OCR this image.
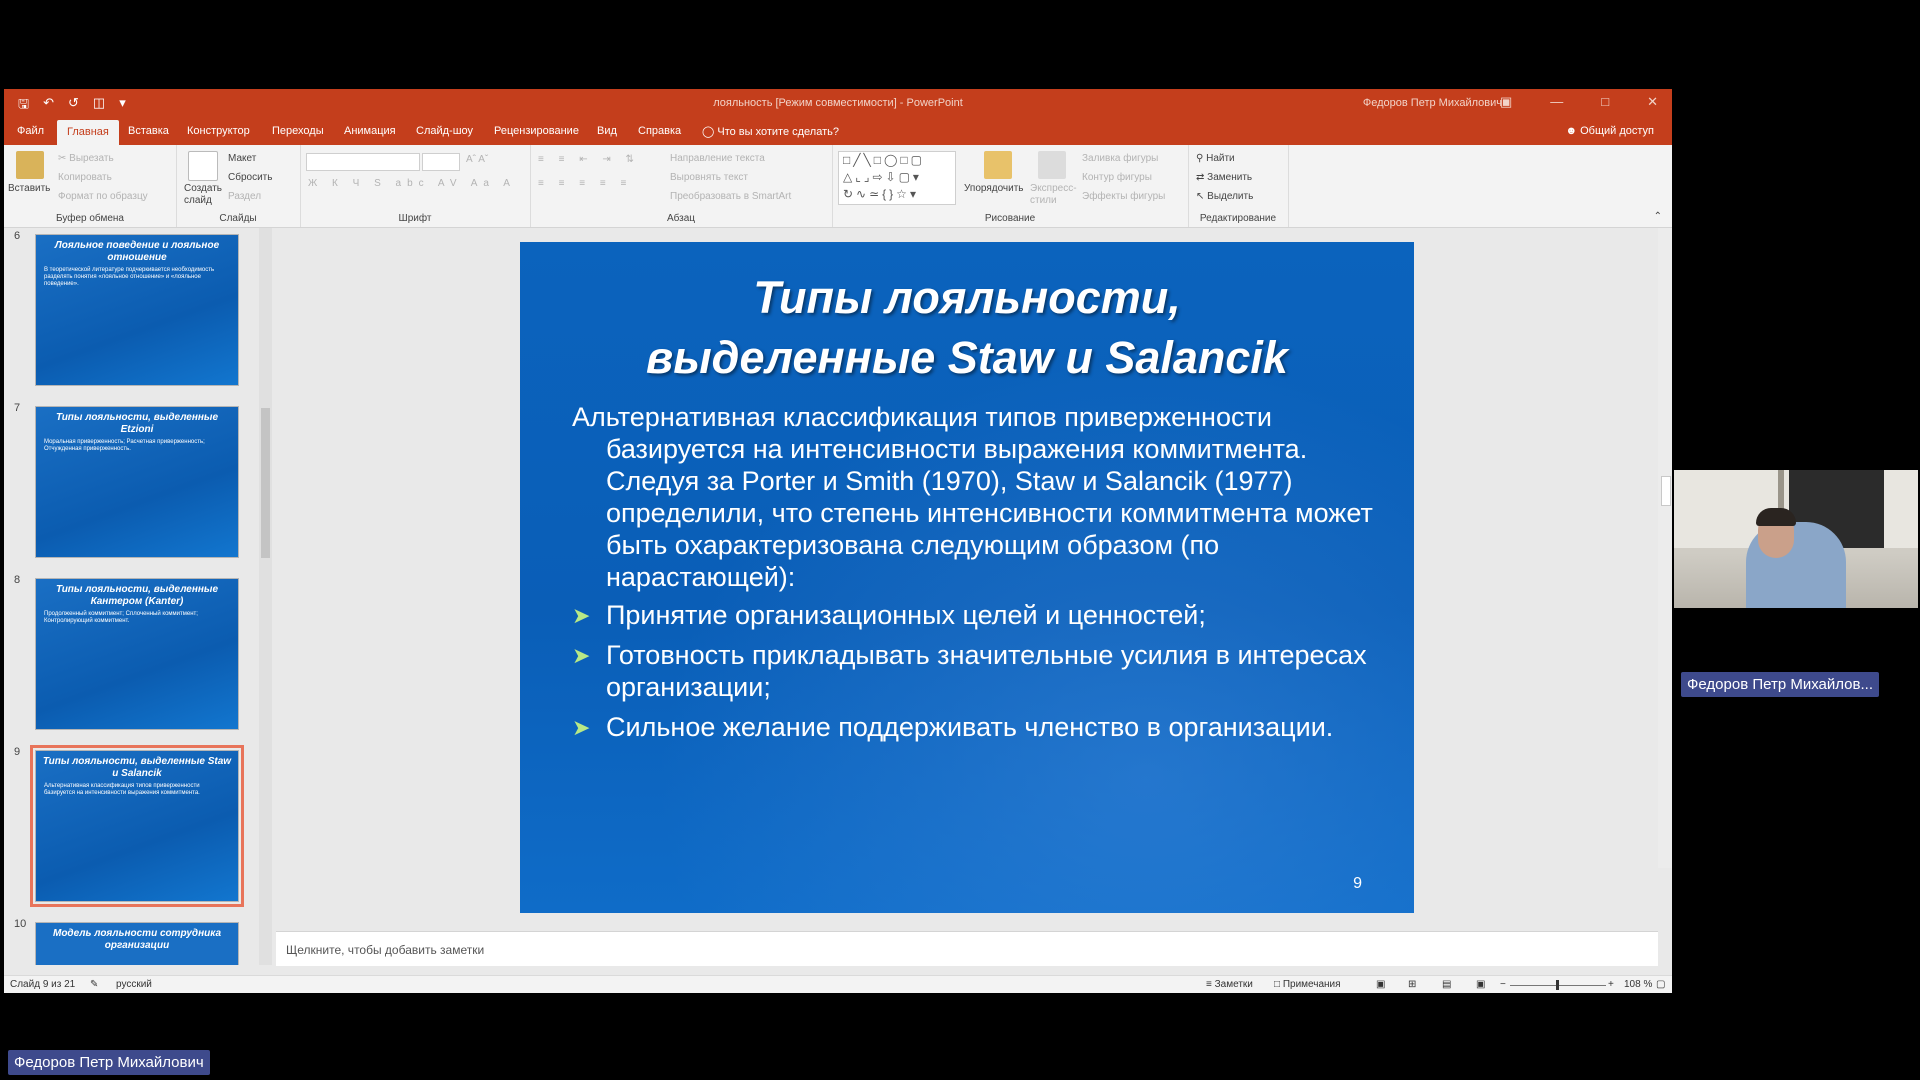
🖫 ↶ ↺ ◫ ▾	лояльность [Режим совместимости] - PowerPoint	Федоров Петр Михайлович
▣	—	□	✕
Файл	Главная	Вставка Конструктор Переходы Анимация Слайд-шоу Рецензирование Вид Справка ◯ Что вы хотите сделать?	☻ Общий доступ
Вставить
✂ Вырезать
Копировать
Формат по образцу
Буфер обмена
Создать слайд
Макет
Сбросить
Раздел
Слайды
Aˆ Aˇ
Ж К Ч S abc AV Aa A
Шрифт
≡ ≡ ⇤ ⇥ ⇅
≡ ≡ ≡ ≡ ≡
Направление текста
Выровнять текст
Преобразовать в SmartArt
Абзац
□╱╲□◯□▢
△⌞⌟⇨⇩▢▾
↻∿≃{}☆▾	Упорядочить Экспресс-стили
Заливка фигуры
Контур фигуры
Эффекты фигуры
Рисование
⚲ Найти
⇄ Заменить
↖ Выделить
Редактирование	⌃
6
Лояльное поведение и лояльное отношение
В теоретической литературе подчеркивается необходимость разделять понятия «лояльное отношение» и «лояльное поведение».
7
Типы лояльности, выделенные Etzioni
Моральная приверженность; Расчетная приверженность; Отчужденная приверженность.
8
Типы лояльности, выделенные Кантером (Kanter)
Продолженный коммитмент; Сплоченный коммитмент; Контролирующий коммитмент.
9
Типы лояльности, выделенные Staw и Salancik
Альтернативная классификация типов приверженности базируется на интенсивности выражения коммитмента.
10
Модель лояльности сотрудника организации
Типы лояльности,
выделенные Staw и Salancik

Альтернативная классификация типов приверженности базируется на интенсивности выражения коммитмента. Следуя за Porter и Smith (1970), Staw и Salancik (1977) определили, что степень интенсивности коммитмента может быть охарактеризована следующим образом (по нарастающей):

➤ Принятие организационных целей и ценностей;
➤ Готовность прикладывать значительные усилия в интересах организации;
➤ Сильное желание поддерживать членство в организации.
9
Щелкните, чтобы добавить заметки
Слайд 9 из 21 ✎ русский	≡ Заметки □ Примечания	▣ ⊞	▤ ▣ −	+ 108 % ▢
Федоров Петр Михайлов...
Федоров Петр Михайлович
